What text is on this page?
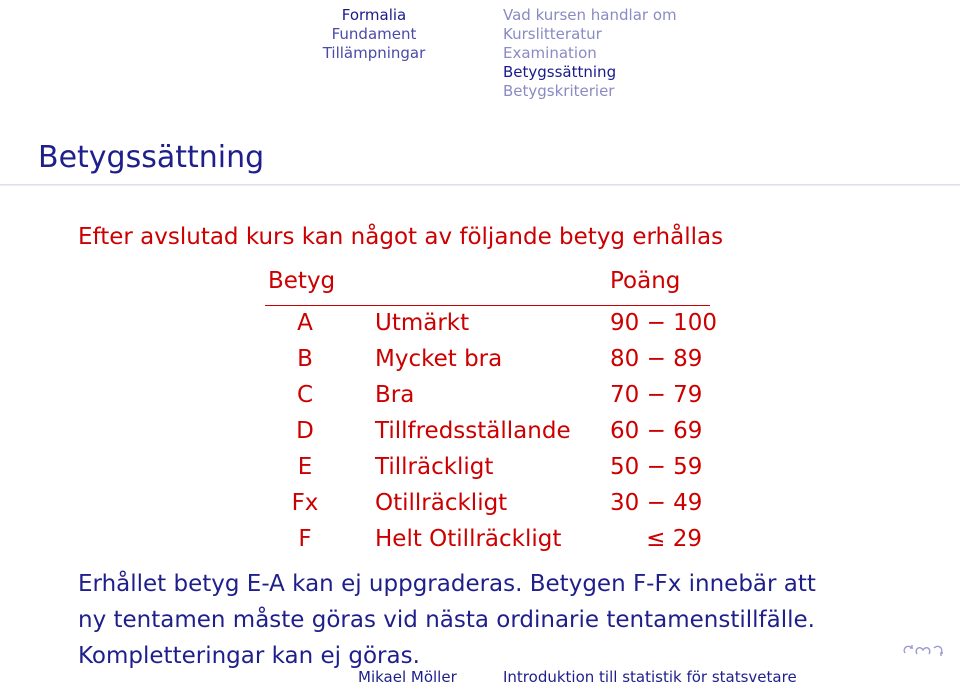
Formalia
Fundament
Tillämpningar
Vad kursen handlar om
Kurslitteratur
Examination
Betygssättning
Betygskriterier
Betygssättning
Efter avslutad kurs kan något av följande betyg erhållas
Betyg	Poäng
A	Utmärkt	90 − 100
B	Mycket bra	80 − 89
C	Bra	70 − 79
D	Tillfredsställande 60 − 69
E	Tillräckligt	50 − 59
Fx	Otillräckligt	30 − 49
F	Helt Otillräckligt	≤ 29
Erhållet betyg E-A kan ej uppgraderas. Betygen F-Fx innebär att
ny tentamen måste göras vid nästa ordinarie tentamenstillfälle.
Kompletteringar kan ej göras.
Mikael Möller	Introduktion till statistik för statsvetare
